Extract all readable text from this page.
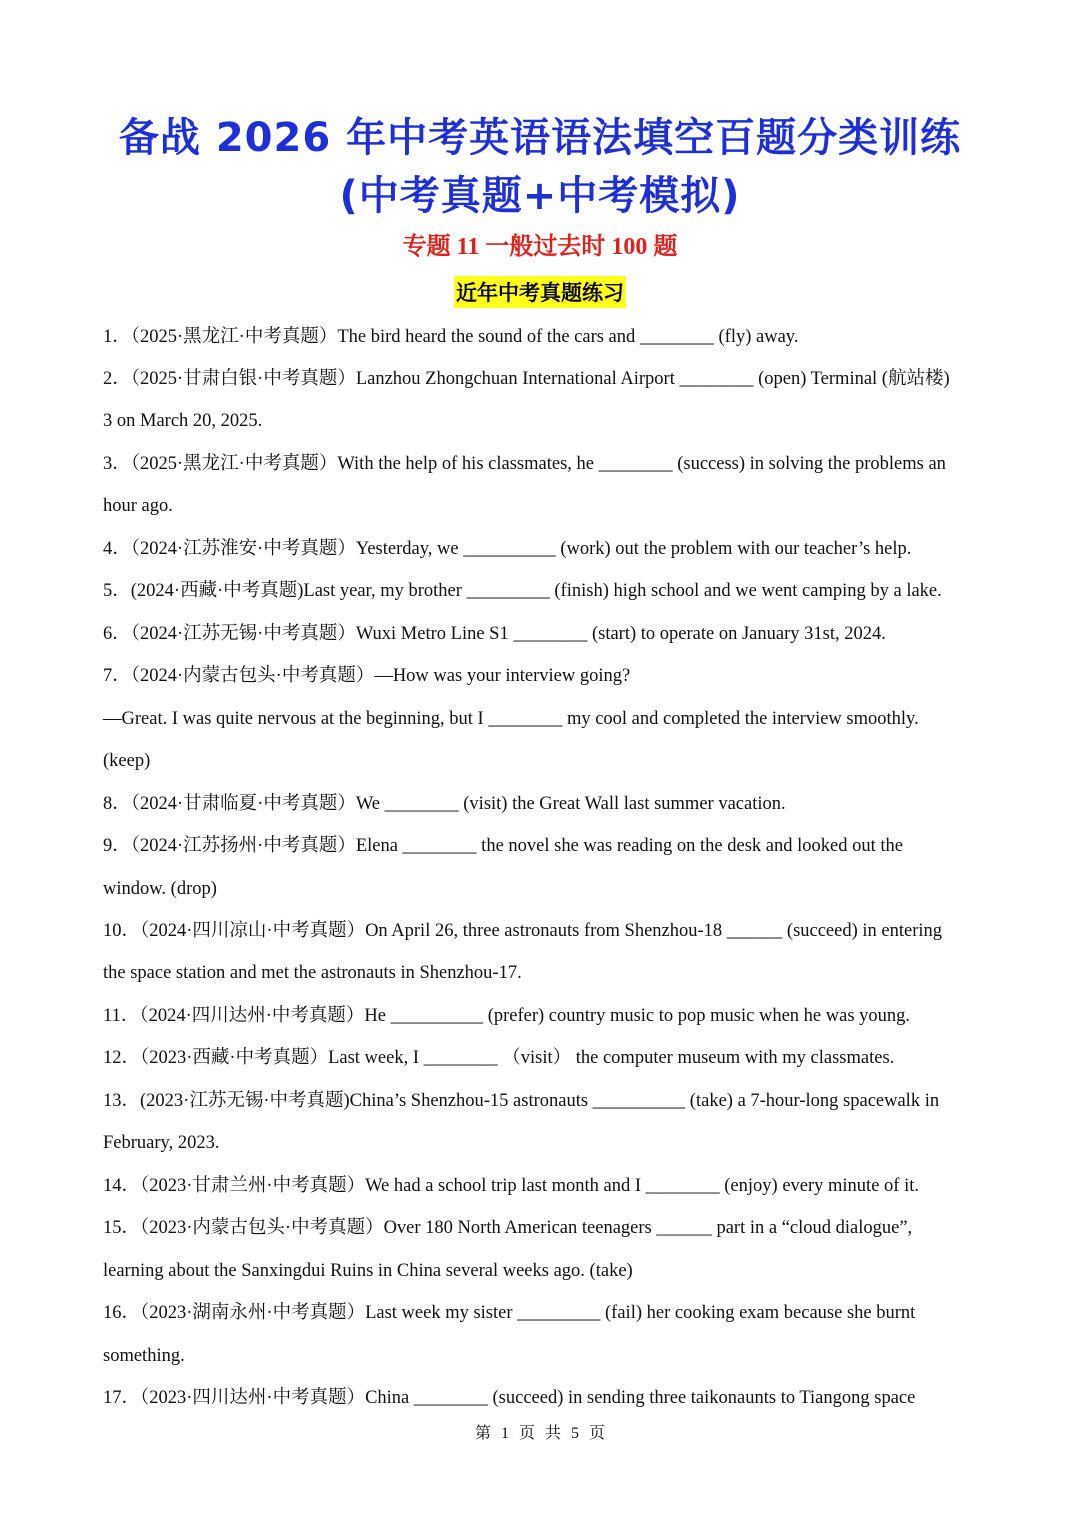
备战 2026 年中考英语语法填空百题分类训练
(中考真题+中考模拟)
专题 11 一般过去时 100 题
近年中考真题练习
1．（2025·黑龙江·中考真题）The bird heard the sound of the cars and ________ (fly) away.
2．（2025·甘肃白银·中考真题）Lanzhou Zhongchuan International Airport ________ (open) Terminal (航站楼)
3 on March 20, 2025.
3．（2025·黑龙江·中考真题）With the help of his classmates, he ________ (success) in solving the problems an
hour ago.
4．（2024·江苏淮安·中考真题）Yesterday, we __________ (work) out the problem with our teacher’s help.
5．(2024·西藏·中考真题)Last year, my brother _________ (finish) high school and we went camping by a lake.
6．（2024·江苏无锡·中考真题）Wuxi Metro Line S1 ________ (start) to operate on January 31st, 2024.
7．（2024·内蒙古包头·中考真题）—How was your interview going?
—Great. I was quite nervous at the beginning, but I ________ my cool and completed the interview smoothly.
(keep)
8．（2024·甘肃临夏·中考真题）We ________ (visit) the Great Wall last summer vacation.
9．（2024·江苏扬州·中考真题）Elena ________ the novel she was reading on the desk and looked out the
window. (drop)
10．（2024·四川凉山·中考真题）On April 26, three astronauts from Shenzhou-18 ______ (succeed) in entering
the space station and met the astronauts in Shenzhou-17.
11．（2024·四川达州·中考真题）He __________ (prefer) country music to pop music when he was young.
12．（2023·西藏·中考真题）Last week, I ________ （visit） the computer museum with my classmates.
13．(2023·江苏无锡·中考真题)China’s Shenzhou-15 astronauts __________ (take) a 7-hour-long spacewalk in
February, 2023.
14．（2023·甘肃兰州·中考真题）We had a school trip last month and I ________ (enjoy) every minute of it.
15．（2023·内蒙古包头·中考真题）Over 180 North American teenagers ______ part in a “cloud dialogue”,
learning about the Sanxingdui Ruins in China several weeks ago. (take)
16．（2023·湖南永州·中考真题）Last week my sister _________ (fail) her cooking exam because she burnt
something.
17．（2023·四川达州·中考真题）China ________ (succeed) in sending three taikonaunts to Tiangong space
第 1 页 共 5 页
